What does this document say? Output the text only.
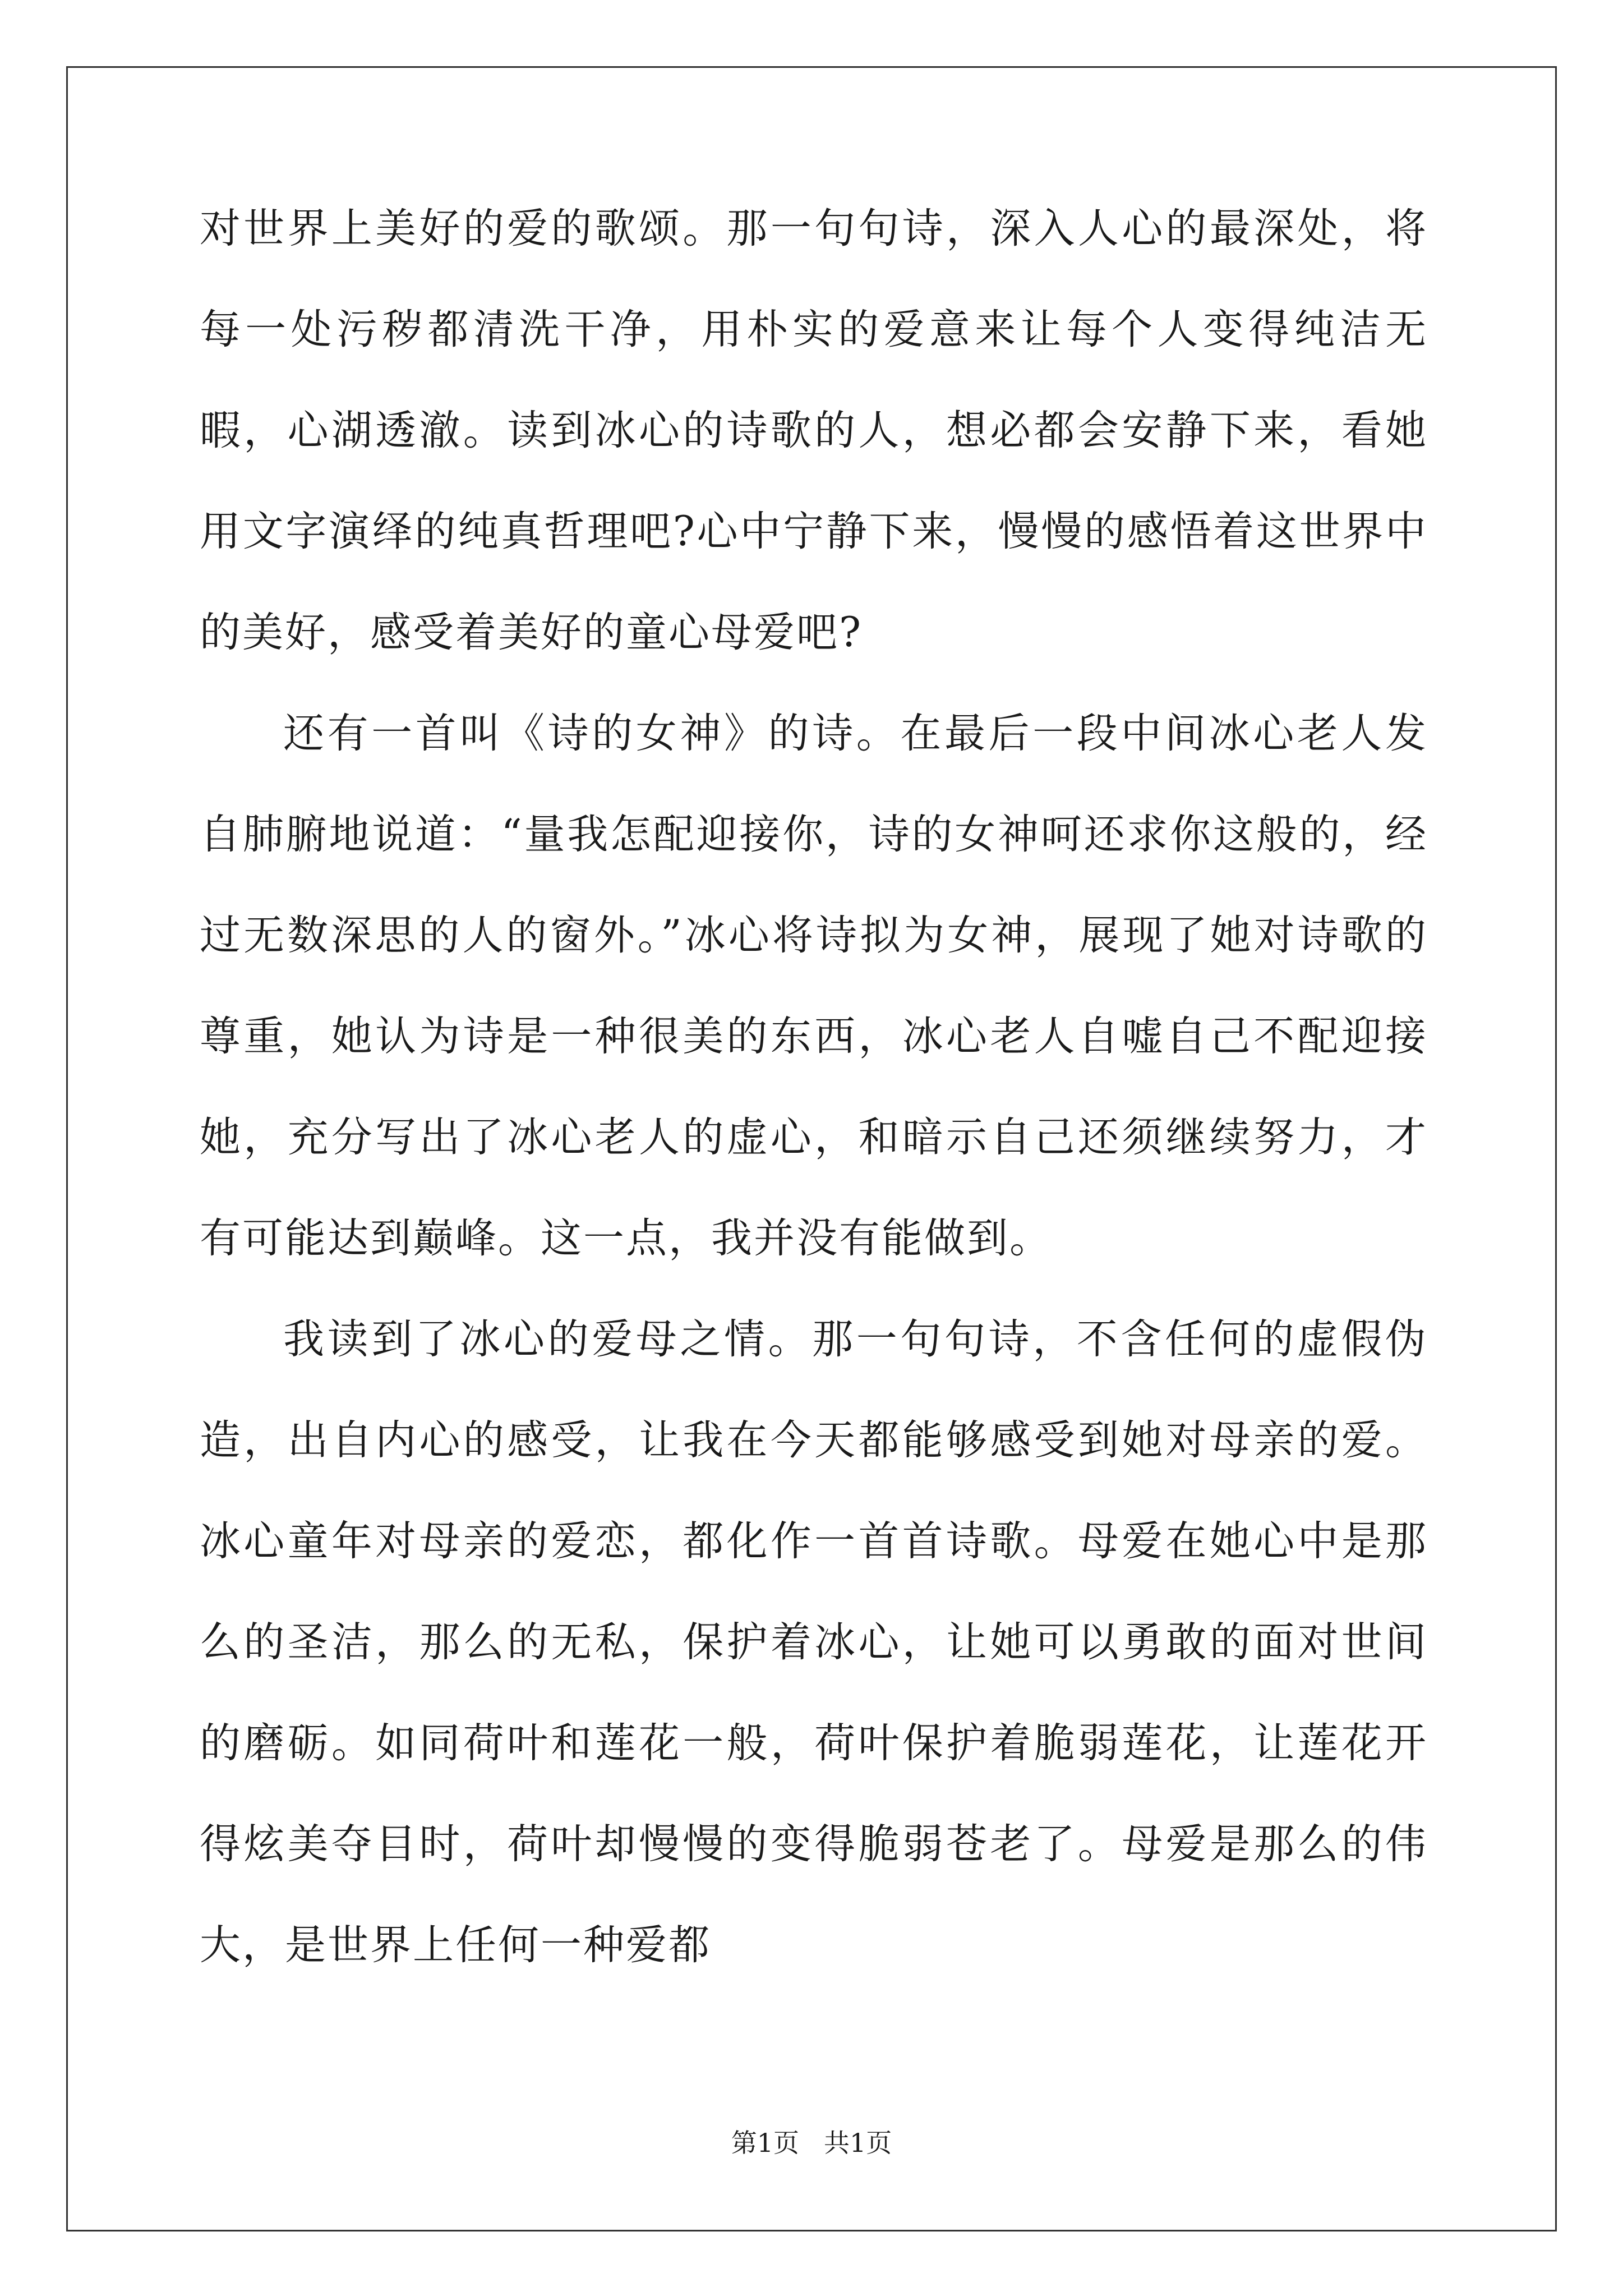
对世界上美好的爱的歌颂。那一句句诗，深入人心的最深处，将每一处污秽都清洗干净，用朴实的爱意来让每个人变得纯洁无暇，心湖透澈。读到冰心的诗歌的人，想必都会安静下来，看她用文字演绎的纯真哲理吧?心中宁静下来，慢慢的感悟着这世界中的美好，感受着美好的童心母爱吧?

还有一首叫《诗的女神》的诗。在最后一段中间冰心老人发自肺腑地说道：“量我怎配迎接你，诗的女神呵还求你这般的，经过无数深思的人的窗外。”冰心将诗拟为女神，展现了她对诗歌的尊重，她认为诗是一种很美的东西，冰心老人自嘘自己不配迎接她，充分写出了冰心老人的虚心，和暗示自己还须继续努力，才有可能达到巅峰。这一点，我并没有能做到。

我读到了冰心的爱母之情。那一句句诗，不含任何的虚假伪造，出自内心的感受，让我在今天都能够感受到她对母亲的爱。冰心童年对母亲的爱恋，都化作一首首诗歌。母爱在她心中是那么的圣洁，那么的无私，保护着冰心，让她可以勇敢的面对世间的磨砺。如同荷叶和莲花一般，荷叶保护着脆弱莲花，让莲花开得炫美夺目时，荷叶却慢慢的变得脆弱苍老了。母爱是那么的伟大，是世界上任何一种爱都

第1页 共1页
